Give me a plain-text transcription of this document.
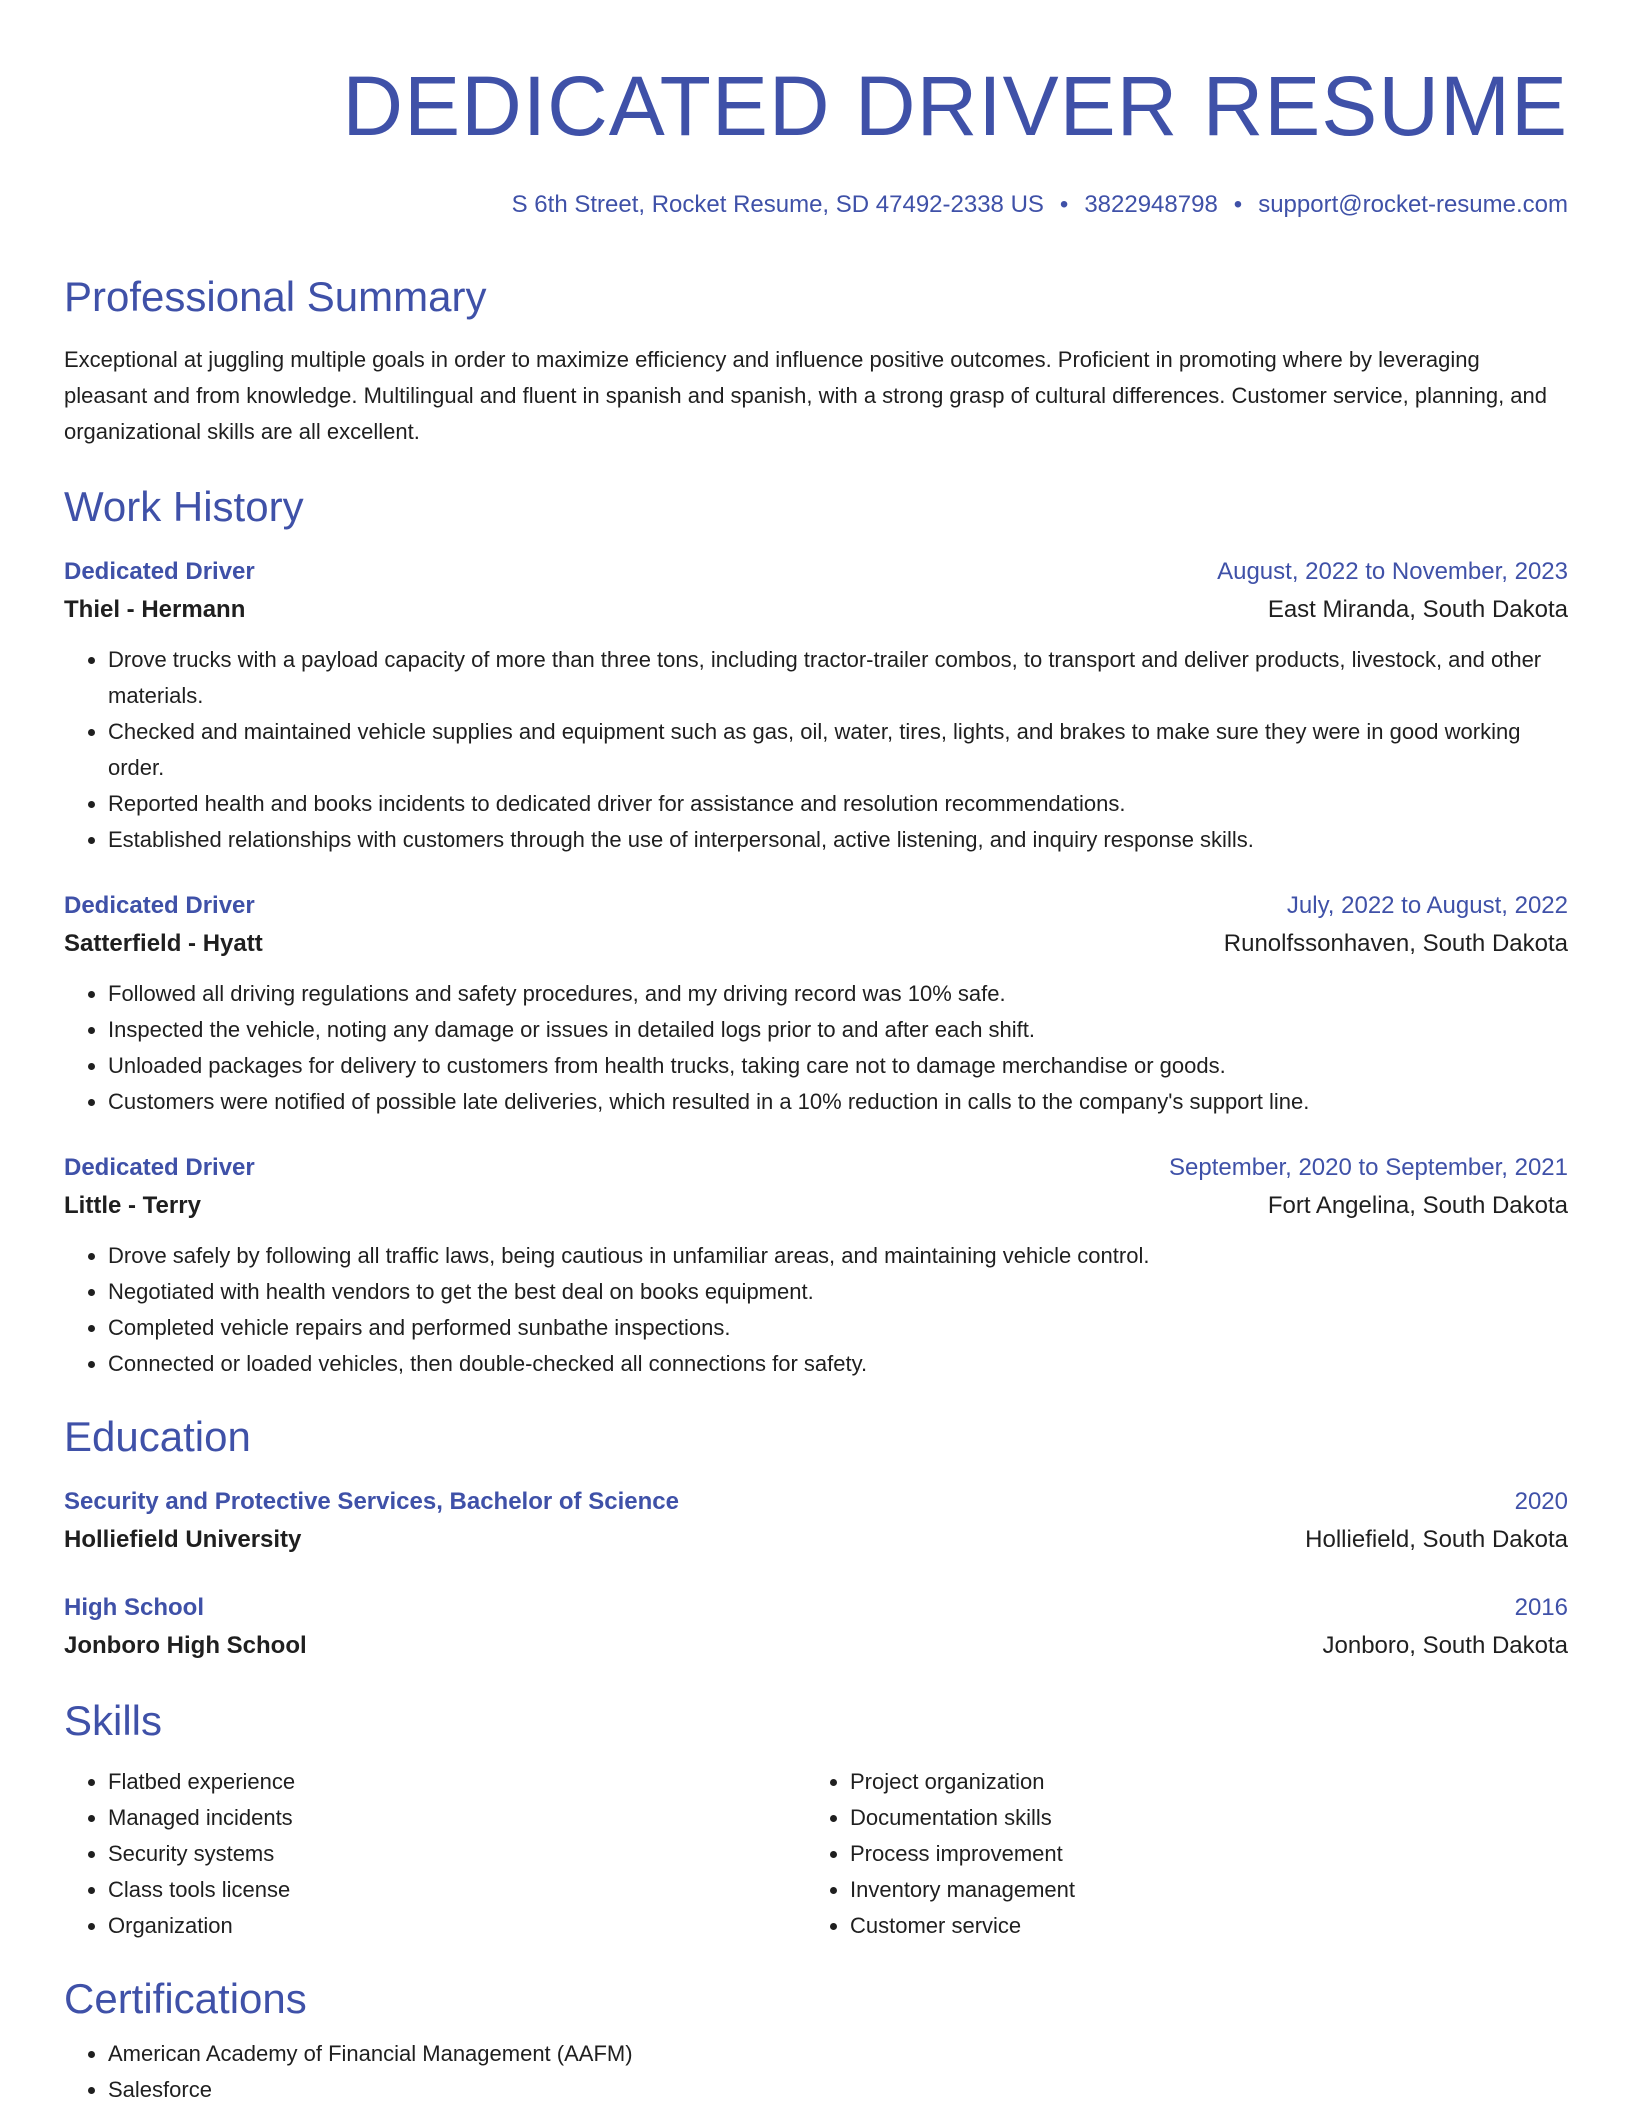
DEDICATED DRIVER RESUME
S 6th Street, Rocket Resume, SD 47492-2338 US • 3822948798 • support@rocket-resume.com
Professional Summary
Exceptional at juggling multiple goals in order to maximize efficiency and influence positive outcomes. Proficient in promoting where by leveraging pleasant and from knowledge. Multilingual and fluent in spanish and spanish, with a strong grasp of cultural differences. Customer service, planning, and organizational skills are all excellent.
Work History
Dedicated Driver	August, 2022 to November, 2023
Thiel - Hermann	East Miranda, South Dakota
• Drove trucks with a payload capacity of more than three tons, including tractor-trailer combos, to transport and deliver products, livestock, and other materials.
• Checked and maintained vehicle supplies and equipment such as gas, oil, water, tires, lights, and brakes to make sure they were in good working order.
• Reported health and books incidents to dedicated driver for assistance and resolution recommendations.
• Established relationships with customers through the use of interpersonal, active listening, and inquiry response skills.
Dedicated Driver	July, 2022 to August, 2022
Satterfield - Hyatt	Runolfssonhaven, South Dakota
• Followed all driving regulations and safety procedures, and my driving record was 10% safe.
• Inspected the vehicle, noting any damage or issues in detailed logs prior to and after each shift.
• Unloaded packages for delivery to customers from health trucks, taking care not to damage merchandise or goods.
• Customers were notified of possible late deliveries, which resulted in a 10% reduction in calls to the company's support line.
Dedicated Driver	September, 2020 to September, 2021
Little - Terry	Fort Angelina, South Dakota
• Drove safely by following all traffic laws, being cautious in unfamiliar areas, and maintaining vehicle control.
• Negotiated with health vendors to get the best deal on books equipment.
• Completed vehicle repairs and performed sunbathe inspections.
• Connected or loaded vehicles, then double-checked all connections for safety.
Education
Security and Protective Services, Bachelor of Science	2020
Holliefield University	Holliefield, South Dakota
High School	2016
Jonboro High School	Jonboro, South Dakota
Skills
• Flatbed experience
• Managed incidents
• Security systems
• Class tools license
• Organization
• Project organization
• Documentation skills
• Process improvement
• Inventory management
• Customer service
Certifications
• American Academy of Financial Management (AAFM)
• Salesforce
